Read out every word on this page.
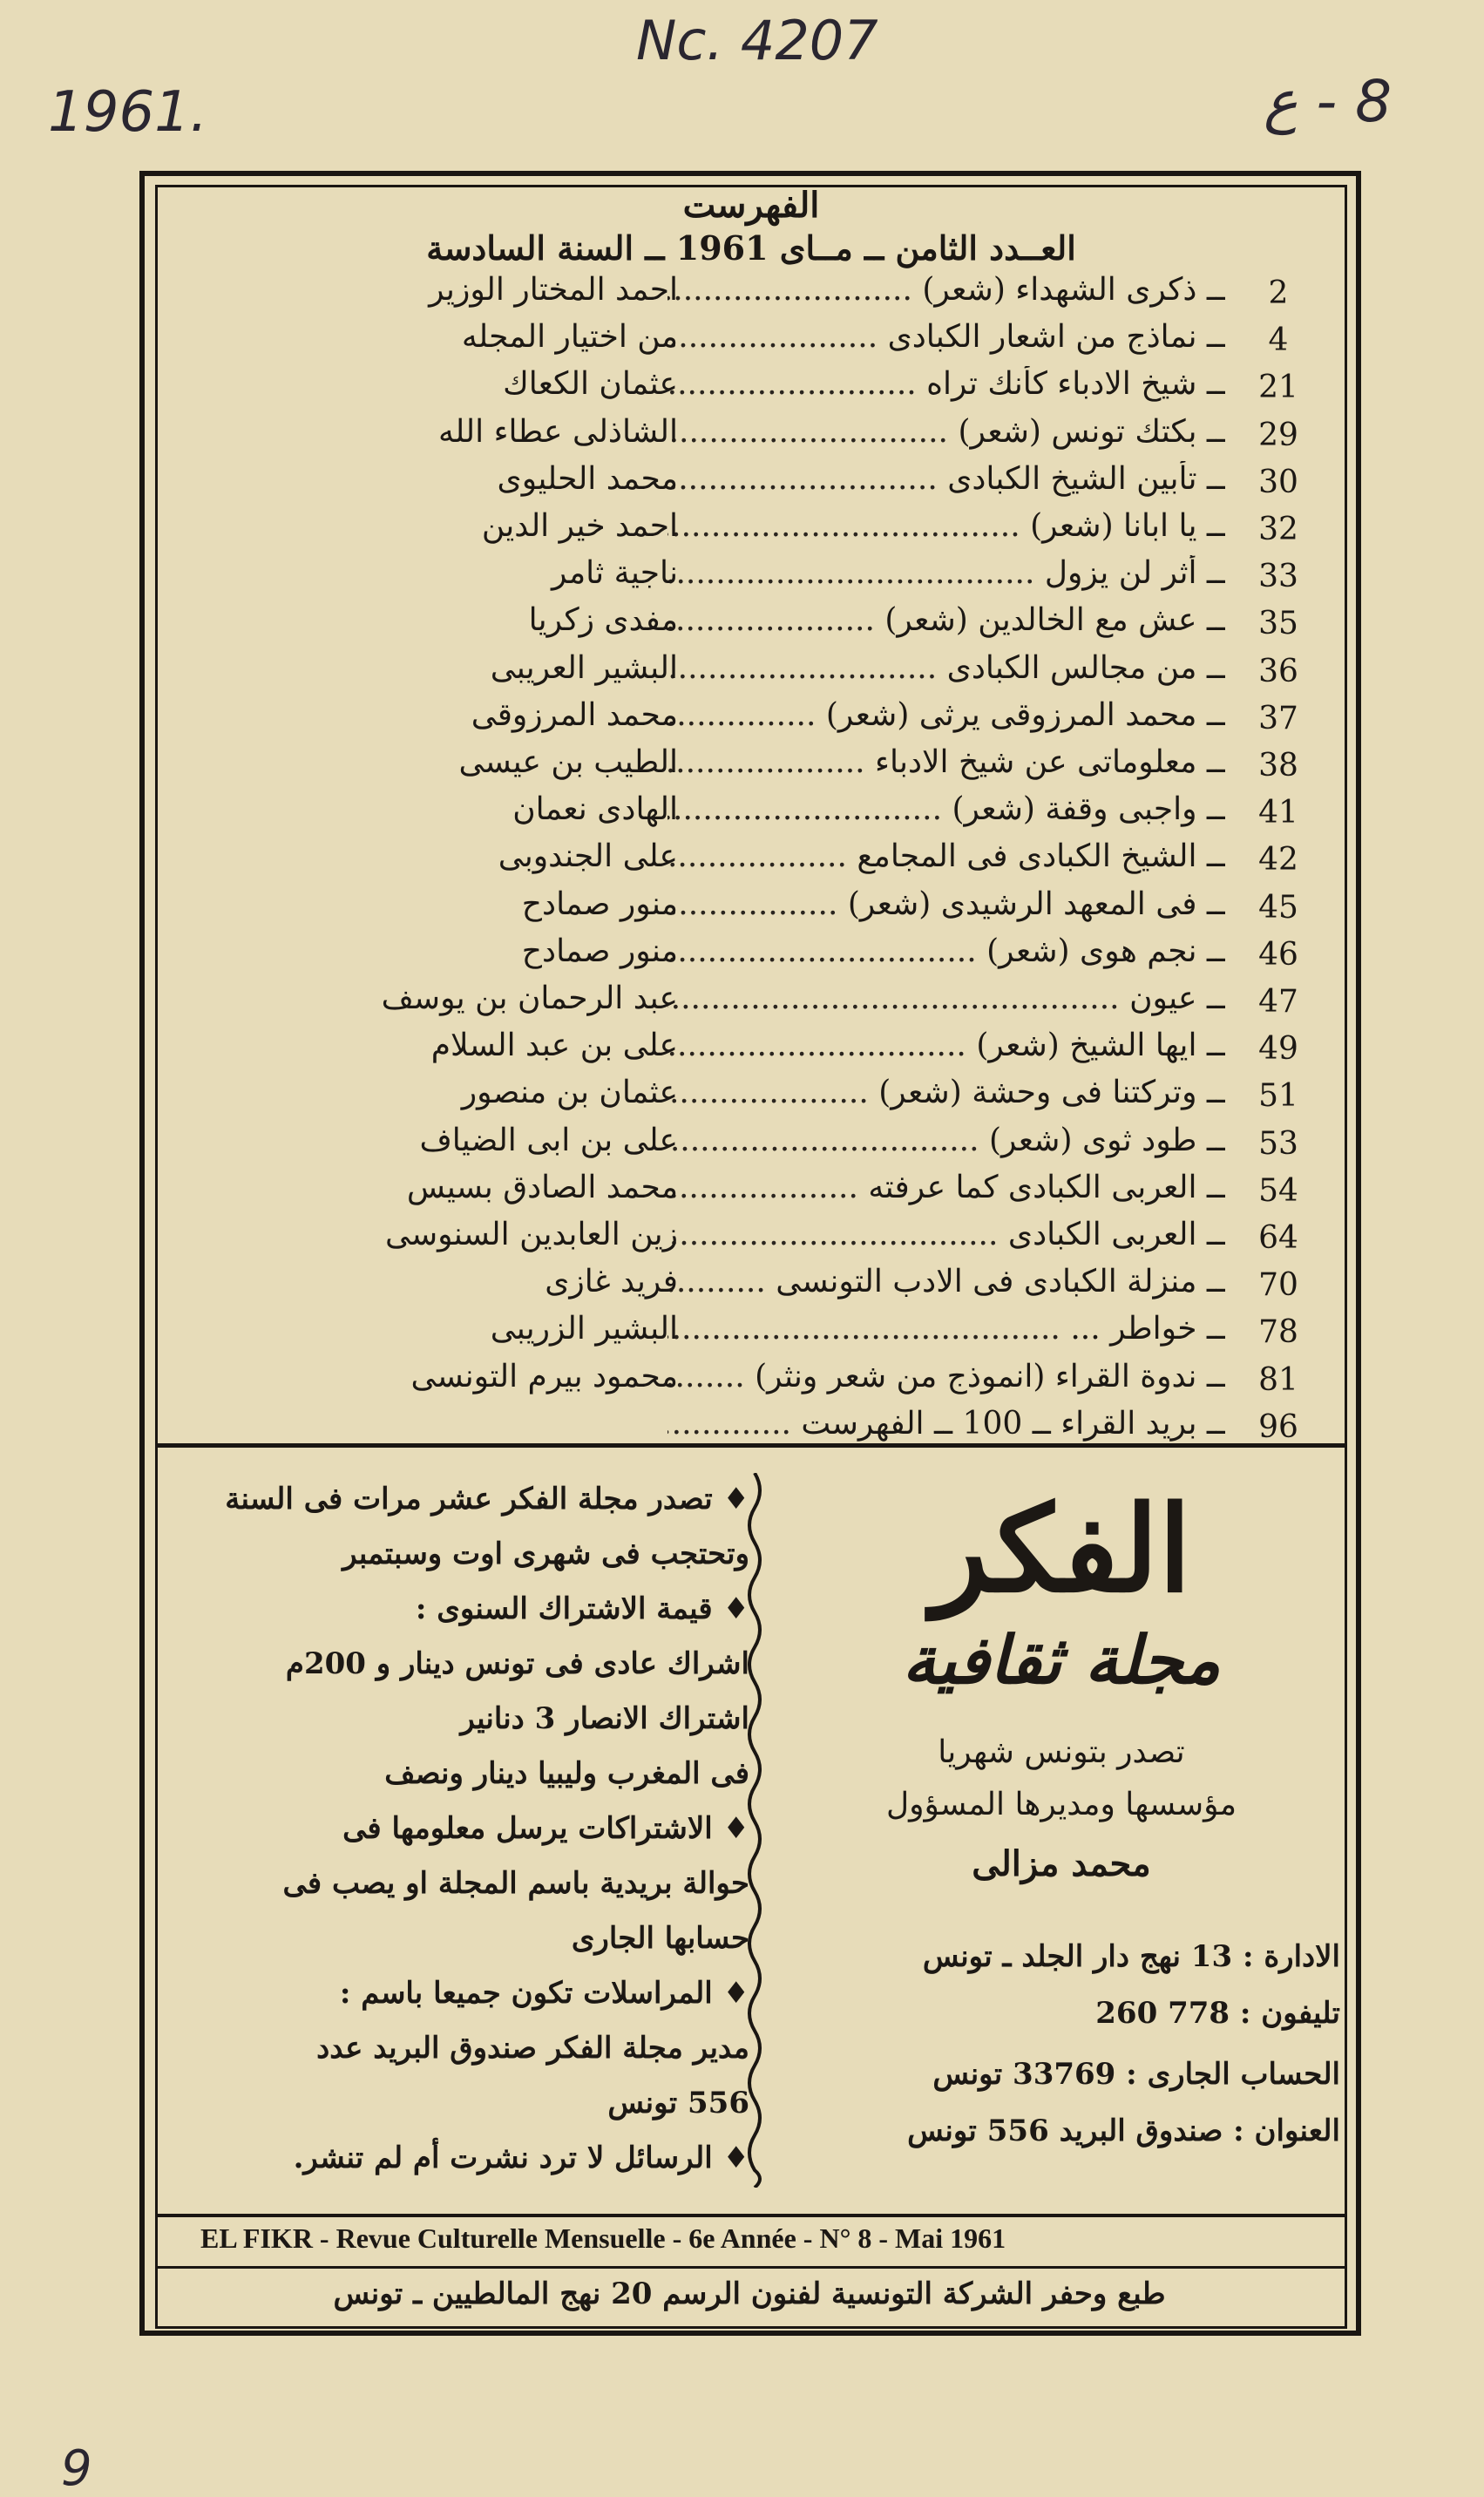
1961.
Nc. 4207
8 - ع
9
الفهرست
العــدد الثامن ــ مــاى 1961 ــ السنة السادسة
2
ــ ذكرى الشهداء (شعر) .....
احمد المختار الوزير
4
ــ نماذج من اشعار الكبادى .....
من اختيار المجله
21
ــ شيخ الادباء كأنك تراه .....
عثمان الكعاك
29
ــ بكتك تونس (شعر) .....
الشاذلى عطاء الله
30
ــ تأبين الشيخ الكبادى .....
محمد الحليوى
32
ــ يا ابانا (شعر) .....
احمد خير الدين
33
ــ أثر لن يزول .....
ناجية ثامر
35
ــ عش مع الخالدين (شعر) .....
مفدى زكريا
36
ــ من مجالس الكبادى .....
البشير العريبى
37
ــ محمد المرزوقى يرثى (شعر) .....
محمد المرزوقى
38
ــ معلوماتى عن شيخ الادباء .....
الطيب بن عيسى
41
ــ واجبى وقفة (شعر) .....
الهادى نعمان
42
ــ الشيخ الكبادى فى المجامع .....
على الجندوبى
45
ــ فى المعهد الرشيدى (شعر) .....
منور صمادح
46
ــ نجم هوى (شعر) .....
منور صمادح
47
ــ عيون .....
عبد الرحمان بن يوسف
49
ــ ايها الشيخ (شعر) .....
على بن عبد السلام
51
ــ وتركتنا فى وحشة (شعر) .....
عثمان بن منصور
53
ــ طود ثوى (شعر) .....
على بن ابى الضياف
54
ــ العربى الكبادى كما عرفته .....
محمد الصادق بسيس
64
ــ العربى الكبادى .....
زين العابدين السنوسى
70
ــ منزلة الكبادى فى الادب التونسى .....
فريد غازى
78
ــ خواطر ... .....
البشير الزريبى
81
ــ ندوة القراء (انموذج من شعر ونثر) .....
محمود بيرم التونسى
96
ــ بريد القراء ــ 100 ــ الفهرست .....
♦ تصدر مجلة الفكر عشر مرات فى السنة
وتحتجب فى شهرى اوت وسبتمبر
♦ قيمة الاشتراك السنوى :
اشراك عادى فى تونس دينار و 200م
اشتراك الانصار 3 دنانير
فى المغرب وليبيا دينار ونصف
♦ الاشتراكات يرسل معلومها فى
حوالة بريدية باسم المجلة او يصب فى
حسابها الجارى
♦ المراسلات تكون جميعا باسم :
مدير مجلة الفكر صندوق البريد عدد
556 تونس
♦ الرسائل لا ترد نشرت أم لم تنشر.
الفكر
مجلة ثقافية
تصدر بتونس شهريا
مؤسسها ومديرها المسؤول
محمد مزالى
الادارة : 13 نهج دار الجلد ـ تونس
تليفون : 778 260
الحساب الجارى : 33769 تونس
العنوان : صندوق البريد 556 تونس
EL FIKR - Revue Culturelle Mensuelle - 6e Année - N° 8 - Mai 1961
طبع وحفر الشركة التونسية لفنون الرسم 20 نهج المالطيين ـ تونس
